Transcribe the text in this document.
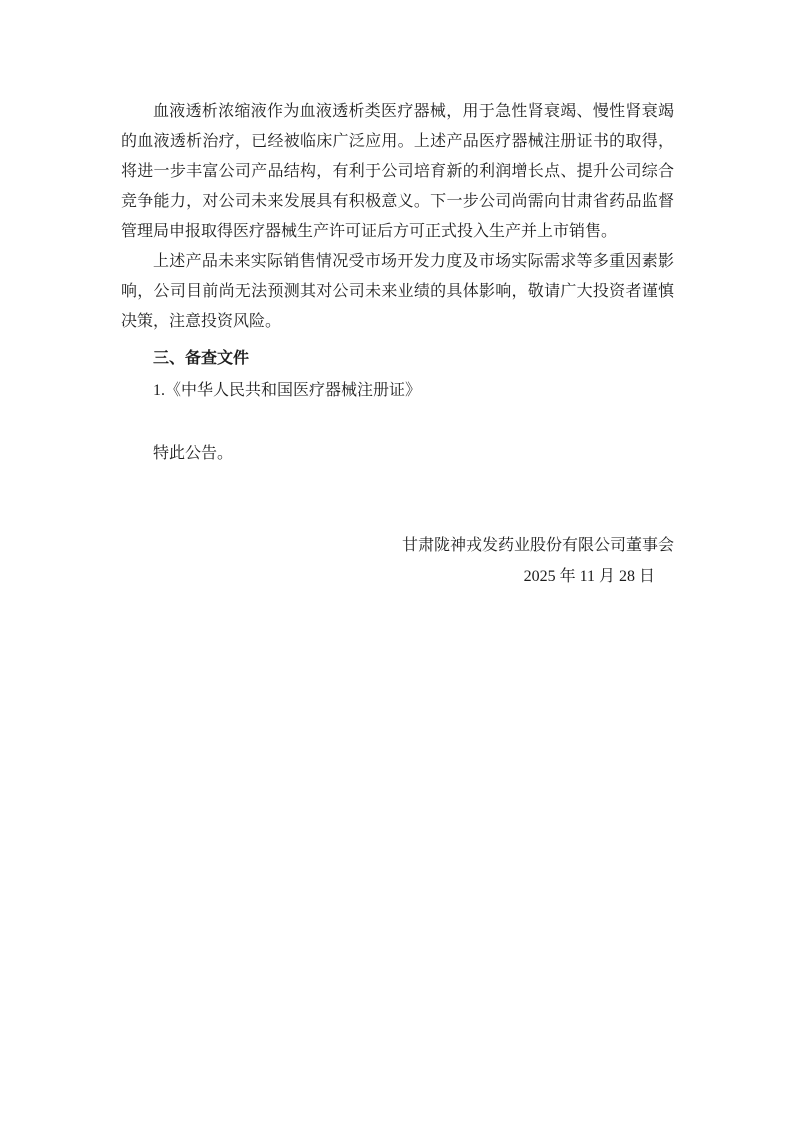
血液透析浓缩液作为血液透析类医疗器械，用于急性肾衰竭、慢性肾衰竭的血液透析治疗，已经被临床广泛应用。上述产品医疗器械注册证书的取得，将进一步丰富公司产品结构，有利于公司培育新的利润增长点、提升公司综合竞争能力，对公司未来发展具有积极意义。下一步公司尚需向甘肃省药品监督管理局申报取得医疗器械生产许可证后方可正式投入生产并上市销售。

上述产品未来实际销售情况受市场开发力度及市场实际需求等多重因素影响，公司目前尚无法预测其对公司未来业绩的具体影响，敬请广大投资者谨慎决策，注意投资风险。

三、备查文件

1.《中华人民共和国医疗器械注册证》

特此公告。

甘肃陇神戎发药业股份有限公司董事会
2025 年 11 月 28 日
